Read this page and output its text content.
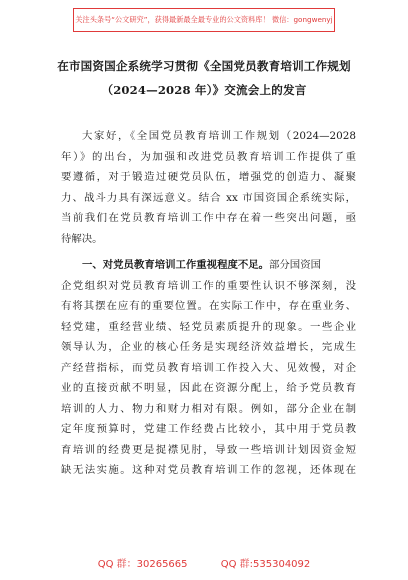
关注头条号“公文研究”，获得最新最全最专业的公文资料库！ 微信：gongwenyj
在市国资国企系统学习贯彻《全国党员教育培训工作规划
（2024—2028 年）》交流会上的发言
大家好，《全国党员教育培训工作规划（2024—2028
年）》的出台，为加强和改进党员教育培训工作提供了重
要遵循，对于锻造过硬党员队伍，增强党的创造力、凝聚
力、战斗力具有深远意义。结合 xx 市国资国企系统实际，
当前我们在党员教育培训工作中存在着一些突出问题，亟
待解决。
一、对党员教育培训工作重视程度不足。部分国资国
企党组织对党员教育培训工作的重要性认识不够深刻，没
有将其摆在应有的重要位置。在实际工作中，存在重业务、
轻党建，重经营业绩、轻党员素质提升的现象。一些企业
领导认为，企业的核心任务是实现经济效益增长，完成生
产经营指标，而党员教育培训工作投入大、见效慢，对企
业的直接贡献不明显，因此在资源分配上，给予党员教育
培训的人力、物力和财力相对有限。例如，部分企业在制
定年度预算时，党建工作经费占比较小，其中用于党员教
育培训的经费更是捉襟见肘，导致一些培训计划因资金短
缺无法实施。这种对党员教育培训工作的忽视，还体现在
QQ 群：30265665	QQ 群:535304092
